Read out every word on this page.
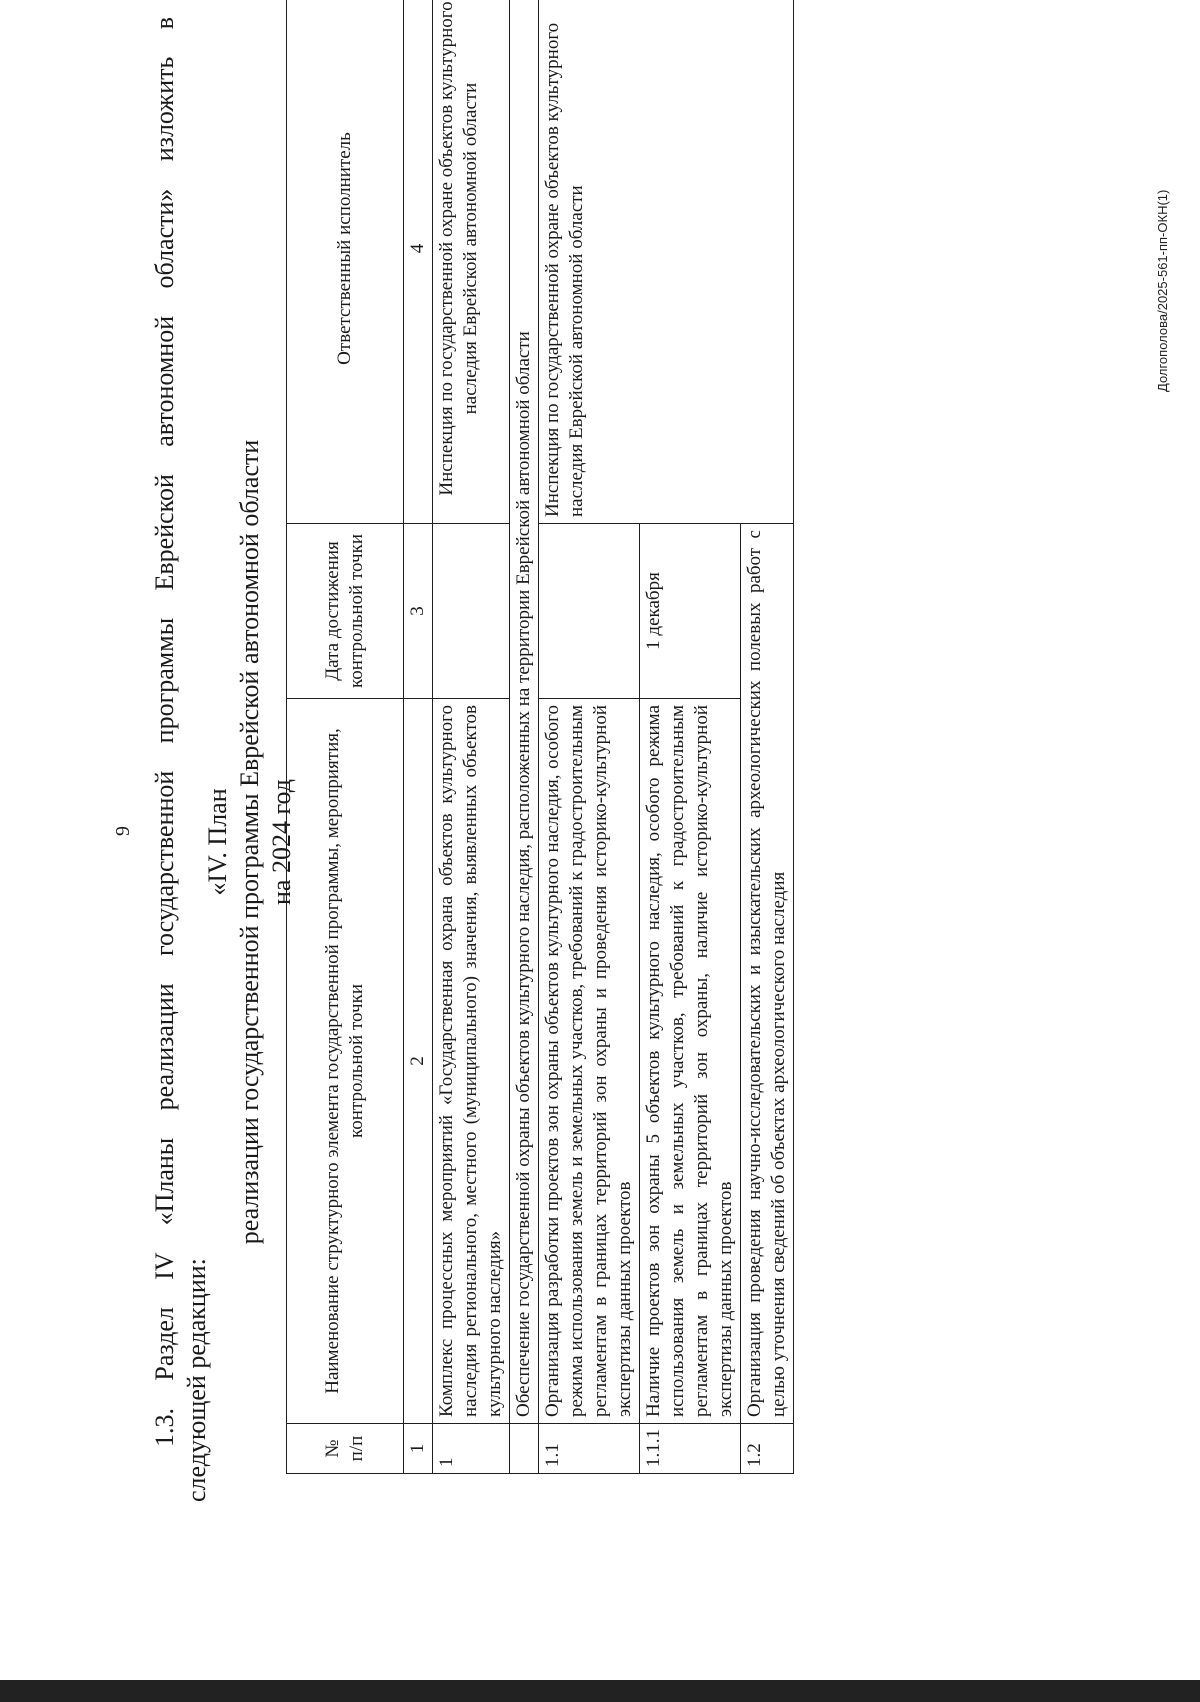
9 1.3. Раздел IV «Планы реализации государственной программы Еврейской автономной области» изложить в следующей редакции:
«IV. План реализации государственной программы Еврейской автономной области на 2024 год
№ п/п	Наименование структурного элемента государственной программы, мероприятия, контрольной точки	Дата достижения контрольной точки	Ответственный исполнитель
1	2	3	4
1	Комплекс процессных мероприятий «Государственная охрана объектов культурного наследия регионального, местного (муниципального) значения, выявленных объектов культурного наследия»		Инспекция по государственной охране объектов культурного наследия Еврейской автономной области
	Обеспечение государственной охраны объектов культурного наследия, расположенных на территории Еврейской автономной области		
1.1	Организация разработки проектов зон охраны объектов культурного наследия, особого режима использования земель и земельных участков, требований к градостроительным регламентам в границах территорий зон охраны и проведения историко-культурной экспертизы данных проектов		Инспекция по государственной охране объектов культурного наследия Еврейской автономной области
1.1.1	Наличие проектов зон охраны 5 объектов культурного наследия, особого режима использования земель и земельных участков, требований к градостроительным регламентам в границах территорий зон охраны, наличие историко-культурной экспертизы данных проектов	1 декабря	
1.2	Организация проведения научно-исследовательских и изыскательских археологических полевых работ с целью уточнения сведений об объектах археологического наследия		
Долгополова/2025-561-пп-ОКН(1)
